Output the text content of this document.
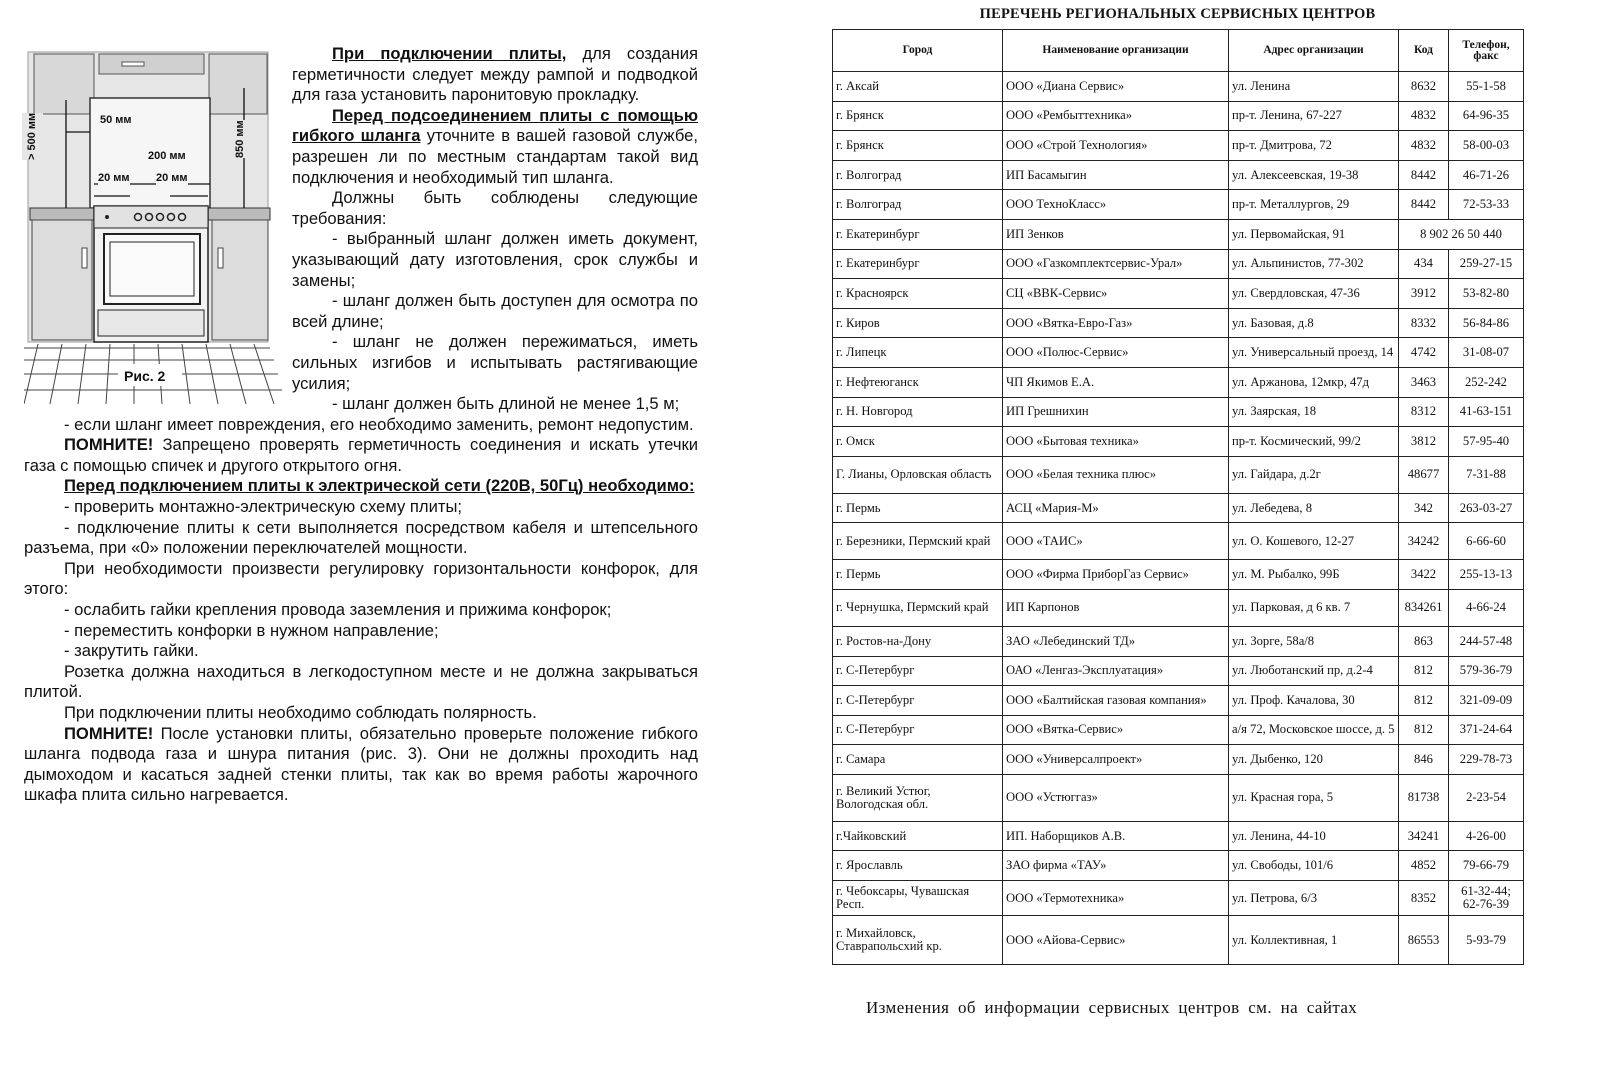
50 мм
200 мм
20 мм 20 мм
> 500 мм	850 мм
Рис. 2

При подключении плиты, для создания герметичности следует между рампой и подводкой для газа установить паронитовую прокладку.

Перед подсоединением плиты с помощью гибкого шланга уточните в вашей газовой службе, разрешен ли по местным стандартам такой вид подключения и необходимый тип шланга.

Должны быть соблюдены следующие требования:

- выбранный шланг должен иметь документ, указывающий дату изготовления, срок службы и замены;

- шланг должен быть доступен для осмотра по всей длине;

- шланг не должен пережиматься, иметь сильных изгибов и испытывать растягивающие усилия;

- шланг должен быть длиной не менее 1,5 м;

- если шланг имеет повреждения, его необходимо заменить, ремонт недопустим.

ПОМНИТЕ! Запрещено проверять герметичность соединения и искать утечки газа с помощью спичек и другого открытого огня.

Перед подключением плиты к электрической сети (220В, 50Гц) необходимо:

- проверить монтажно-электрическую схему плиты;

- подключение плиты к сети выполняется посредством кабеля и штепсельного разъема, при «0» положении переключателей мощности.

При необходимости произвести регулировку горизонтальности конфорок, для этого:

- ослабить гайки крепления провода заземления и прижима конфорок;

- переместить конфорки в нужном направление;

- закрутить гайки.

Розетка должна находиться в легкодоступном месте и не должна закрываться плитой.

При подключении плиты необходимо соблюдать полярность.

ПОМНИТЕ! После установки плиты, обязательно проверьте положение гибкого шланга подвода газа и шнура питания (рис. 3). Они не должны проходить над дымоходом и касаться задней стенки плиты, так как во время работы жарочного шкафа плита сильно нагревается.

ПЕРЕЧЕНЬ РЕГИОНАЛЬНЫХ СЕРВИСНЫХ ЦЕНТРОВ
Город	Наименование организации	Адрес организации	Код	Телефон, факс
г. Аксай	ООО «Диана Сервис»	ул. Ленина	8632	55-1-58
г. Брянск	ООО «Рембыттехника»	пр-т. Ленина, 67-227	4832	64-96-35
г. Брянск	ООО «Строй Технология»	пр-т. Дмитрова, 72	4832	58-00-03
г. Волгоград	ИП Басамыгин	ул. Алексеевская, 19-38	8442	46-71-26
г. Волгоград	ООО ТехноКласс»	пр-т. Металлургов, 29	8442	72-53-33
г. Екатеринбург	ИП Зенков	ул. Первомайская, 91	8 902 26 50 440	
г. Екатеринбург	ООО «Газкомплектсервис-Урал»	ул. Альпинистов, 77-302	434	259-27-15
г. Красноярск	СЦ «ВВК-Сервис»	ул. Свердловская, 47-36	3912	53-82-80
г. Киров	ООО «Вятка-Евро-Газ»	ул. Базовая, д.8	8332	56-84-86
г. Липецк	ООО «Полюс-Сервис»	ул. Универсальный проезд, 14	4742	31-08-07
г. Нефтеюганск	ЧП Якимов Е.А.	ул. Аржанова, 12мкр, 47д	3463	252-242
г. Н. Новгород	ИП Грешнихин	ул. Заярская, 18	8312	41-63-151
г. Омск	ООО «Бытовая техника»	пр-т. Космический, 99/2	3812	57-95-40
Г. Лианы, Орловская область	ООО «Белая техника плюс»	ул. Гайдара, д.2г	48677	7-31-88
г. Пермь	АСЦ «Мария-М»	ул. Лебедева, 8	342	263-03-27
г. Березники, Пермский край	ООО «ТАИС»	ул. О. Кошевого, 12-27	34242	6-66-60
г. Пермь	ООО «Фирма ПриборГаз Сервис»	ул. М. Рыбалко, 99Б	3422	255-13-13
г. Чернушка, Пермский край	ИП Карпонов	ул. Парковая, д 6 кв. 7	834261	4-66-24
г. Ростов-на-Дону	ЗАО «Лебединский ТД»	ул. Зорге, 58а/8	863	244-57-48
г. С-Петербург	ОАО «Ленгаз-Эксплуатация»	ул. Люботанский пр, д.2-4	812	579-36-79
г. С-Петербург	ООО «Балтийская газовая компания»	ул. Проф. Качалова, 30	812	321-09-09
г. С-Петербург	ООО «Вятка-Сервис»	а/я 72, Московское шоссе, д. 5	812	371-24-64
г. Самара	ООО «Универсалпроект»	ул. Дыбенко, 120	846	229-78-73
г. Великий Устюг, Вологодская обл.	ООО «Устюггаз»	ул. Красная гора, 5	81738	2-23-54
г.Чайковский	ИП. Наборщиков А.В.	ул. Ленина, 44-10	34241	4-26-00
г. Ярославль	ЗАО фирма «ТАУ»	ул. Свободы, 101/6	4852	79-66-79
г. Чебоксары, Чувашская Респ.	ООО «Термотехника»	ул. Петрова, 6/3	8352	61-32-44; 62-76-39
г. Михайловск, Ставрапольсхий кр.	ООО «Айова-Сервис»	ул. Коллективная, 1	86553	5-93-79
Изменения об информации сервисных центров см. на сайтах
